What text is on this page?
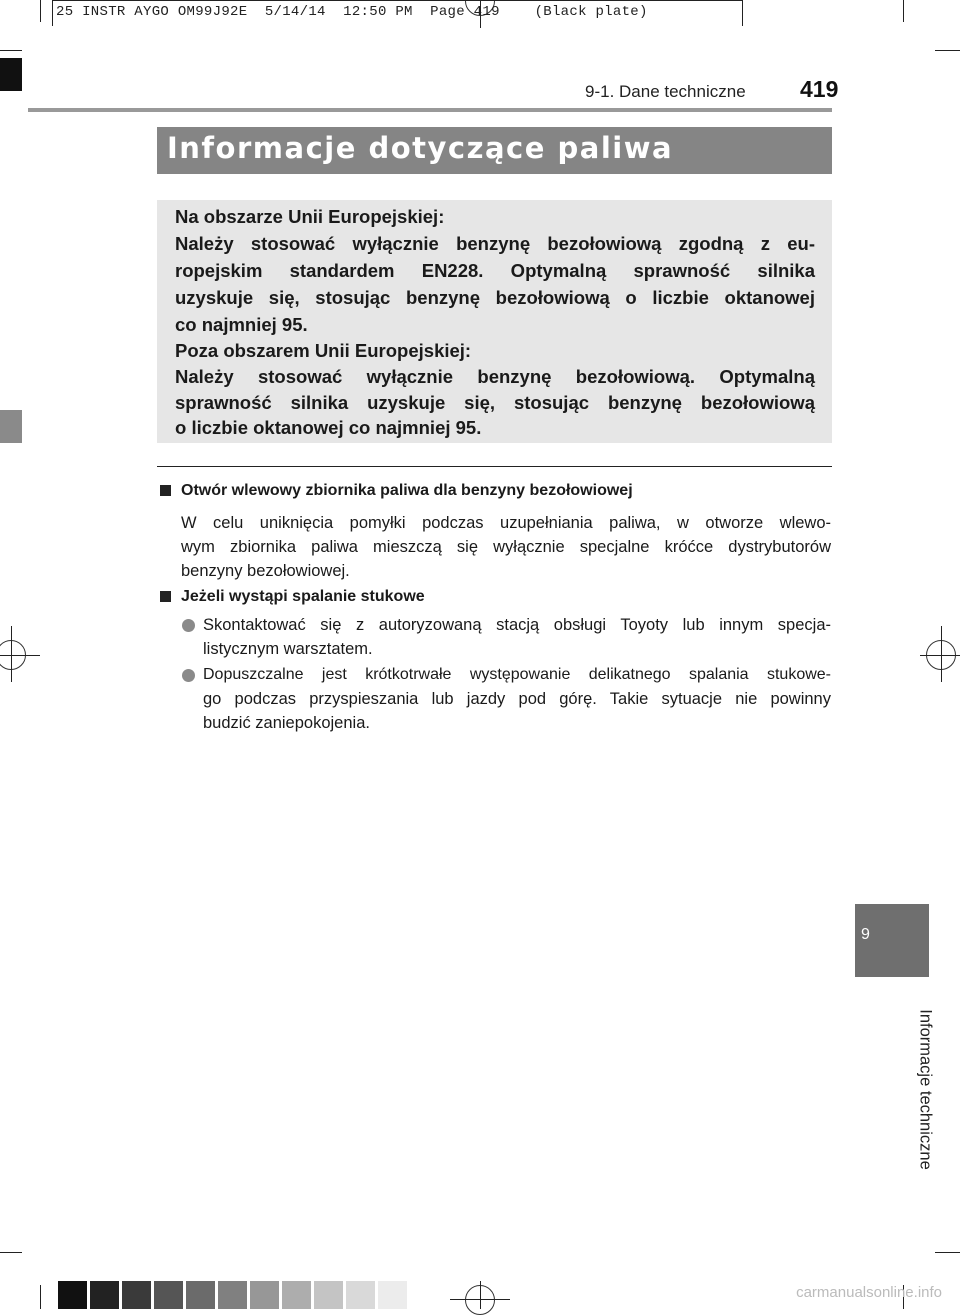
25 INSTR AYGO OM99J92E  5/14/14  12:50 PM  Page 419    (Black plate)
9-1. Dane techniczne 419
Informacje dotyczące paliwa
Na obszarze Unii Europejskiej:
Należy stosować wyłącznie benzynę bezołowiową zgodną z eu-
ropejskim standardem EN228. Optymalną sprawność silnika
uzyskuje się, stosując benzynę bezołowiową o liczbie oktanowej
co najmniej 95.
Poza obszarem Unii Europejskiej:
Należy stosować wyłącznie benzynę bezołowiową. Optymalną
sprawność silnika uzyskuje się, stosując benzynę bezołowiową
o liczbie oktanowej co najmniej 95.
Otwór wlewowy zbiornika paliwa dla benzyny bezołowiowej
W celu uniknięcia pomyłki podczas uzupełniania paliwa, w otworze wlewo-
wym zbiornika paliwa mieszczą się wyłącznie specjalne króćce dystrybutorów
benzyny bezołowiowej.
Jeżeli wystąpi spalanie stukowe
Skontaktować się z autoryzowaną stacją obsługi Toyoty lub innym specja-
listycznym warsztatem.
Dopuszczalne jest krótkotrwałe występowanie delikatnego spalania stukowe-
go podczas przyspieszania lub jazdy pod górę. Takie sytuacje nie powinny
budzić zaniepokojenia.
9
Informacje techniczne
carmanualsonline.info
